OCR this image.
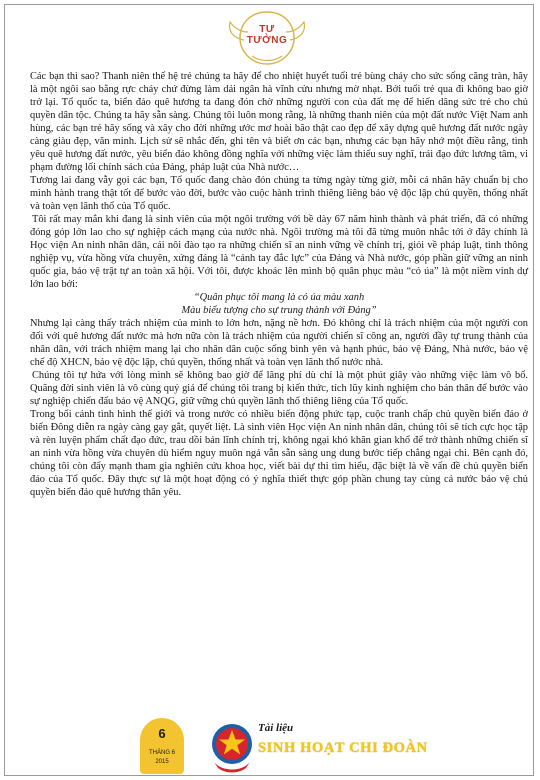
TƯ
TƯỞNG

Các bạn thì sao? Thanh niên thế hệ trẻ chúng ta hãy để cho nhiệt huyết tuổi trẻ bùng cháy cho sức sống căng tràn, hãy là một ngôi sao bằng rực cháy chứ đừng làm dải ngân hà vĩnh cửu nhưng mờ nhạt. Bởi tuổi trẻ qua đi không bao giờ trở lại. Tổ quốc ta, biển đảo quê hương ta đang đón chờ những người con của đất mẹ để hiến dâng sức trẻ cho chủ quyền dân tộc. Chúng ta hãy sẵn sàng. Chúng tôi luôn mong rằng, là những thanh niên của một đất nước Việt Nam anh hùng, các bạn trẻ hãy sống và xây cho đời những ước mơ hoài bão thật cao đẹp để xây dựng quê hương đất nước ngày càng giàu đẹp, văn minh. Lịch sử sẽ nhắc đến, ghi tên và biết ơn các bạn, nhưng các bạn hãy nhớ một điều rằng, tình yêu quê hương đất nước, yêu biển đảo không đồng nghĩa với những việc làm thiếu suy nghĩ, trái đạo đức lương tâm, vi phạm đường lối chính sách của Đảng, pháp luật của Nhà nước…

Tương lai đang vẫy gọi các bạn, Tổ quốc đang chào đón chúng ta từng ngày từng giờ, mỗi cá nhân hãy chuẩn bị cho mình hành trang thật tốt để bước vào đời, bước vào cuộc hành trình thiêng liêng bảo vệ độc lập chủ quyền, thống nhất và toàn vẹn lãnh thổ của Tổ quốc.

Tôi rất may mắn khi đang là sinh viên của một ngôi trường với bề dày 67 năm hình thành và phát triển, đã có những đóng góp lớn lao cho sự nghiệp cách mạng của nước nhà. Ngôi trường mà tôi đã từng muôn nhắc tới ở đây chính là Học viện An ninh nhân dân, cái nôi đào tạo ra những chiến sĩ an ninh vững về chính trị, giỏi về pháp luật, tinh thông nghiệp vụ, vừa hồng vừa chuyên, xứng đáng là “cánh tay đắc lực” của Đảng và Nhà nước, góp phần giữ vững an ninh quốc gia, bảo vệ trật tự an toàn xã hội. Với tôi, được khoác lên mình bộ quân phục màu “cỏ úa” là một niềm vinh dự lớn lao bởi:

“Quân phục tôi mang là cỏ úa màu xanh

Màu biểu tượng cho sự trung thành với Đảng”

Nhưng lại càng thấy trách nhiệm của mình to lớn hơn, nặng nề hơn. Đó không chỉ là trách nhiệm của một người con đối với quê hương đất nước mà hơn nữa còn là trách nhiệm của người chiến sĩ công an, người đầy tự trung thành của nhân dân, với trách nhiệm mang lại cho nhân dân cuộc sống bình yên và hạnh phúc, bảo vệ Đảng, Nhà nước, bảo vệ chế độ XHCN, bảo vệ độc lập, chủ quyền, thống nhất và toàn vẹn lãnh thổ nước nhà.

Chúng tôi tự hứa với lòng mình sẽ không bao giờ để lãng phí dù chỉ là một phút giây vào những việc làm vô bổ. Quãng đời sinh viên là vô cùng quý giá để chúng tôi trang bị kiến thức, tích lũy kinh nghiệm cho bản thân để bước vào sự nghiệp chiến đấu bảo vệ ANQG, giữ vững chủ quyền lãnh thổ thiêng liêng của Tổ quốc.

Trong bối cảnh tình hình thế giới và trong nước có nhiều biến động phức tạp, cuộc tranh chấp chủ quyền biển đảo ở biển Đông diễn ra ngày càng gay gắt, quyết liệt. Là sinh viên Học viện An ninh nhân dân, chúng tôi sẽ tích cực học tập và rèn luyện phẩm chất đạo đức, trau dồi bản lĩnh chính trị, không ngại khó khăn gian khổ để trở thành những chiến sĩ an ninh vừa hồng vừa chuyên dù hiểm nguy muôn ngả vẫn sẵn sàng ung dung bước tiếp chẳng ngại chi. Bên cạnh đó, chúng tôi còn đẩy mạnh tham gia nghiên cứu khoa học, viết bài dự thi tìm hiểu, đặc biệt là về vấn đề chủ quyền biển đảo của Tổ quốc. Đây thực sự là một hoạt động có ý nghĩa thiết thực góp phần chung tay cùng cả nước bảo vệ chủ quyền biển đảo quê hương thân yêu.

6
THÁNG 6
2015
Tài liệu
SINH HOẠT CHI ĐOÀN
